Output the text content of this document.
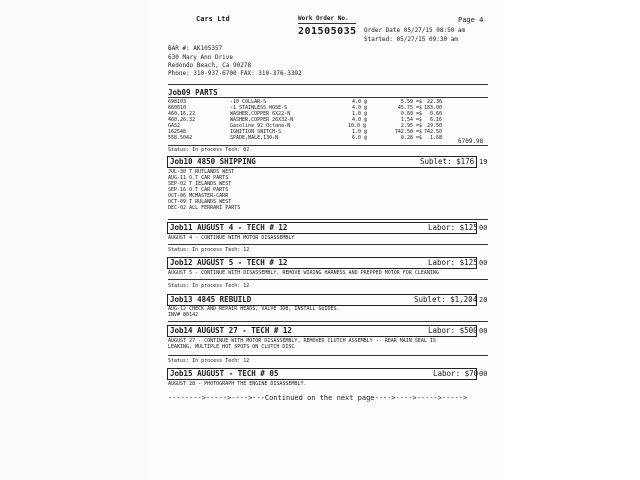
Cars Ltd	Work Order No.
201505035
Page 4
Order Date 05/27/15 08:50 am
Started: 05/27/15 09:30 am
BAR #: AK105357
630 Mary Ann Drive
Redondo Beach, Ca 90278
Phone: 310-937-6700 FAX: 310-376-3392
Job09 PARTS
698103	-10 COLLAR-S	4.0 @	5.59 =$ 22.36
660010	-1 STAINLESS HOSE-S	4.0 @	45.75 =$ 183.00
460.16.22	WASHER,COPPER 6X22-N	1.0 @	0.60 =$	0.60
460.26.32	WASHER,COPPER 26X32-N	4.0 @	1.54 =$	6.16
GAS2	Gasoline 92 Octane-N	10.0 @	2.95 =$ 29.50
162548	IGNITION SWITCH-S	1.0 @	742.50 =$ 742.50
558.5042	SPADE,MALE,130-N	6.0 @	0.28 =$	1.68	6709.98
Status: In process Tech: 02
Job10 4850 SHIPPING	Sublet: $176 19
JUL-30 T RUTLANDS WEST
AUG-11 O.T CAR PARTS
SEP-02 T IELANDS WEST
SEP-16 O.T CAR PARTS
OCT-06 MCMASTER-CARR
OCT-09 T RULANDS WEST
DEC-02 ALL FERRARI PARTS
Job11 AUGUST 4 - TECH # 12	Labor: $125 00
AUGUST 4 - CONTINUE WITH MOTOR DISASSEMBLY
Status: In process Tech: 12
Job12 AUGUST 5 - TECH # 12	Labor: $125 00
AUGUST 5 - CONTINUE WITH DISASSEMBLY, REMOVE WIRING HARNESS AND PREPPED MOTOR FOR CLEANING
Status: In process Tech: 12
Job13 4845 REBUILD	Sublet: $1,204 20
AUG-12 CHECK AND REPAIR HEADS, VALVE JOB, INSTALL GUIDES.
INV# 80142
Job14 AUGUST 27 - TECH # 12	Labor: $500 00
AUGUST 27 - CONTINUE WITH MOTOR DISASSEMBLY, REMOVED CLUTCH ASSEMBLY -- REAR MAIN SEAL IS
LEAKING, MULTIPLE HOT SPOTS ON CLUTCH DISC
Status: In process Tech: 12
Job15 AUGUST - TECH # 05	Labor: $70 00
AUGUST 28 - PHOTOGRAPH THE ENGINE DISASSEMBLY.
-------->----->---->---Continued on the next page---->---->----->----->
